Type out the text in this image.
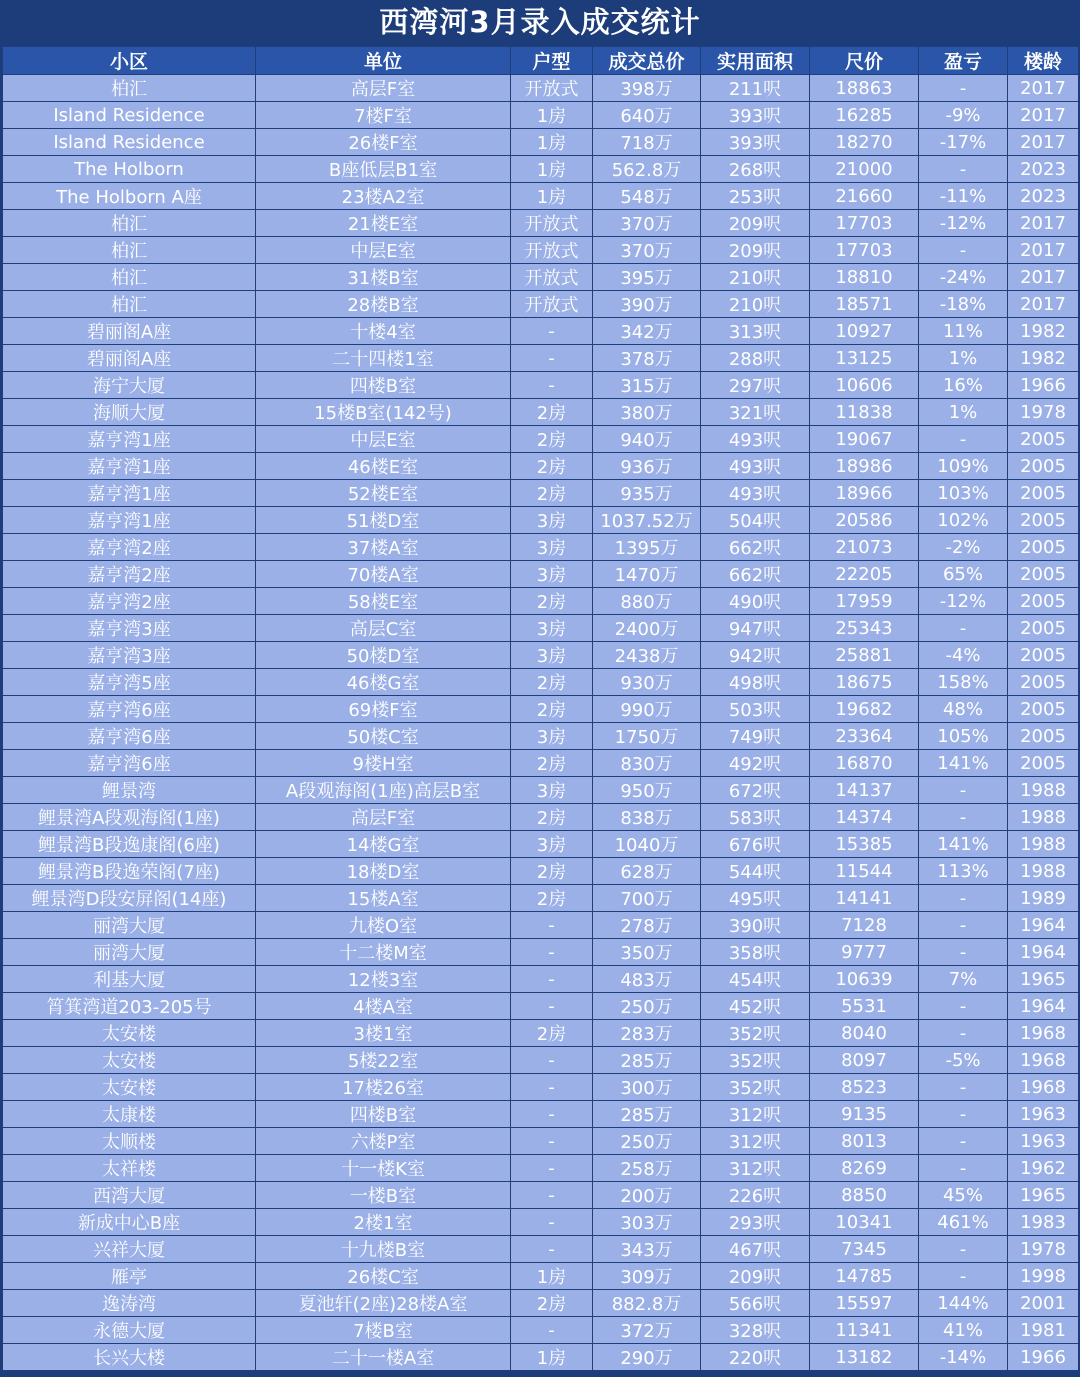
西湾河3月录入成交统计
小区	单位	户型	成交总价	实用面积	尺价	盈亏	楼龄
柏汇	高层F室	开放式	398万	211呎	18863	-	2017
Island Residence	7楼F室	1房	640万	393呎	16285	-9%	2017
Island Residence	26楼F室	1房	718万	393呎	18270	-17%	2017
The Holborn	B座低层B1室	1房	562.8万	268呎	21000	-	2023
The Holborn A座	23楼A2室	1房	548万	253呎	21660	-11%	2023
柏汇	21楼E室	开放式	370万	209呎	17703	-12%	2017
柏汇	中层E室	开放式	370万	209呎	17703	-	2017
柏汇	31楼B室	开放式	395万	210呎	18810	-24%	2017
柏汇	28楼B室	开放式	390万	210呎	18571	-18%	2017
碧丽阁A座	十楼4室	-	342万	313呎	10927	11%	1982
碧丽阁A座	二十四楼1室	-	378万	288呎	13125	1%	1982
海宁大厦	四楼B室	-	315万	297呎	10606	16%	1966
海顺大厦	15楼B室(142号)	2房	380万	321呎	11838	1%	1978
嘉亨湾1座	中层E室	2房	940万	493呎	19067	-	2005
嘉亨湾1座	46楼E室	2房	936万	493呎	18986	109%	2005
嘉亨湾1座	52楼E室	2房	935万	493呎	18966	103%	2005
嘉亨湾1座	51楼D室	3房	1037.52万	504呎	20586	102%	2005
嘉亨湾2座	37楼A室	3房	1395万	662呎	21073	-2%	2005
嘉亨湾2座	70楼A室	3房	1470万	662呎	22205	65%	2005
嘉亨湾2座	58楼E室	2房	880万	490呎	17959	-12%	2005
嘉亨湾3座	高层C室	3房	2400万	947呎	25343	-	2005
嘉亨湾3座	50楼D室	3房	2438万	942呎	25881	-4%	2005
嘉亨湾5座	46楼G室	2房	930万	498呎	18675	158%	2005
嘉亨湾6座	69楼F室	2房	990万	503呎	19682	48%	2005
嘉亨湾6座	50楼C室	3房	1750万	749呎	23364	105%	2005
嘉亨湾6座	9楼H室	2房	830万	492呎	16870	141%	2005
鲤景湾	A段观海阁(1座)高层B室	3房	950万	672呎	14137	-	1988
鲤景湾A段观海阁(1座)	高层F室	2房	838万	583呎	14374	-	1988
鲤景湾B段逸康阁(6座)	14楼G室	3房	1040万	676呎	15385	141%	1988
鲤景湾B段逸荣阁(7座)	18楼D室	2房	628万	544呎	11544	113%	1988
鲤景湾D段安屏阁(14座)	15楼A室	2房	700万	495呎	14141	-	1989
丽湾大厦	九楼O室	-	278万	390呎	7128	-	1964
丽湾大厦	十二楼M室	-	350万	358呎	9777	-	1964
利基大厦	12楼3室	-	483万	454呎	10639	7%	1965
筲箕湾道203-205号	4楼A室	-	250万	452呎	5531	-	1964
太安楼	3楼1室	2房	283万	352呎	8040	-	1968
太安楼	5楼22室	-	285万	352呎	8097	-5%	1968
太安楼	17楼26室	-	300万	352呎	8523	-	1968
太康楼	四楼B室	-	285万	312呎	9135	-	1963
太顺楼	六楼P室	-	250万	312呎	8013	-	1963
太祥楼	十一楼K室	-	258万	312呎	8269	-	1962
西湾大厦	一楼B室	-	200万	226呎	8850	45%	1965
新成中心B座	2楼1室	-	303万	293呎	10341	461%	1983
兴祥大厦	十九楼B室	-	343万	467呎	7345	-	1978
雁亭	26楼C室	1房	309万	209呎	14785	-	1998
逸涛湾	夏池轩(2座)28楼A室	2房	882.8万	566呎	15597	144%	2001
永德大厦	7楼B室	-	372万	328呎	11341	41%	1981
长兴大楼	二十一楼A室	1房	290万	220呎	13182	-14%	1966
